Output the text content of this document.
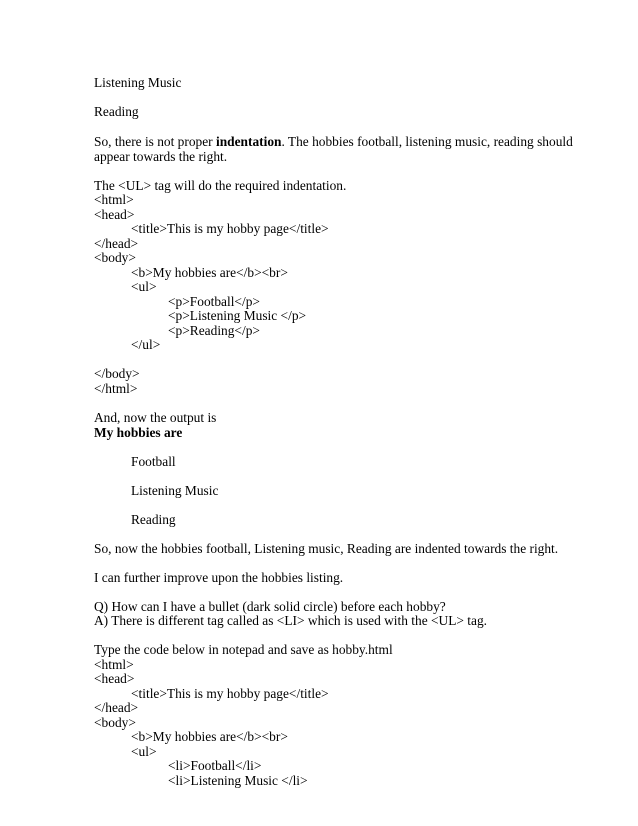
Listening Music
Reading
So, there is not proper indentation. The hobbies football, listening music, reading should
appear towards the right.
The <UL> tag will do the required indentation.
<html>
<head>
<title>This is my hobby page</title>
</head>
<body>
<b>My hobbies are</b><br>
<ul>
<p>Football</p>
<p>Listening Music </p>
<p>Reading</p>
</ul>
</body>
</html>
And, now the output is
My hobbies are
Football
Listening Music
Reading
So, now the hobbies football, Listening music, Reading are indented towards the right.
I can further improve upon the hobbies listing.
Q) How can I have a bullet (dark solid circle) before each hobby?
A) There is different tag called as <LI> which is used with the <UL> tag.
Type the code below in notepad and save as hobby.html
<html>
<head>
<title>This is my hobby page</title>
</head>
<body>
<b>My hobbies are</b><br>
<ul>
<li>Football</li>
<li>Listening Music </li>
